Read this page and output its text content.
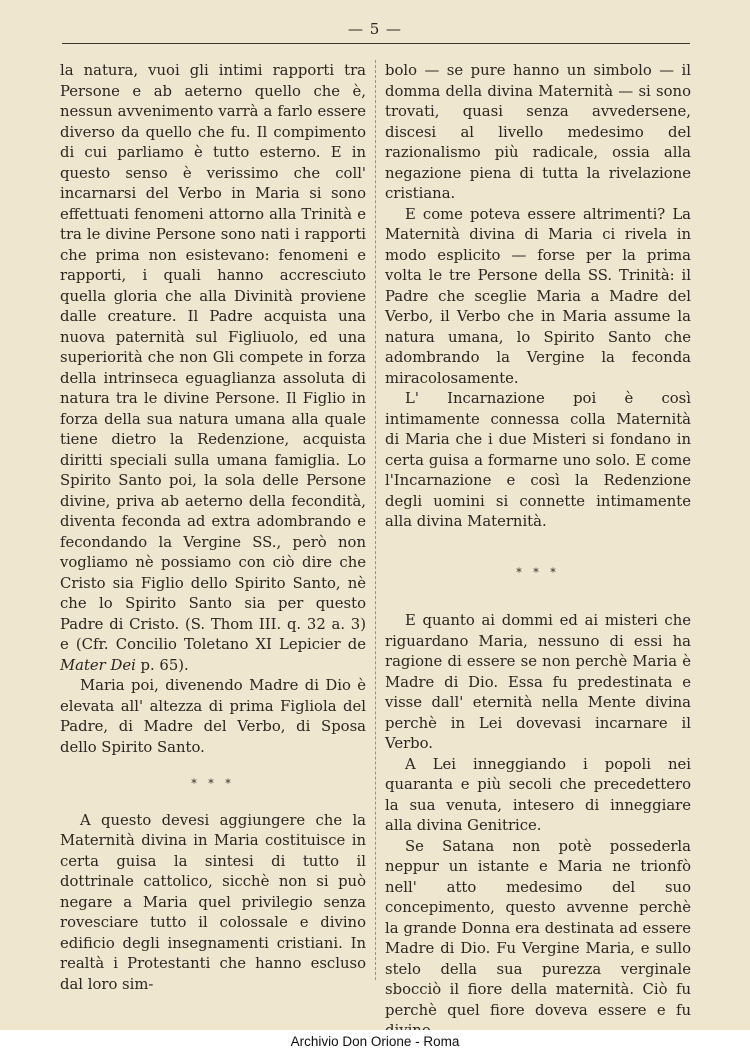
— 5 —

la natura, vuoi gli intimi rapporti tra Persone e ab aeterno quello che è, nessun avvenimento varrà a farlo essere diverso da quello che fu. Il compimento di cui parliamo è tutto esterno. E in questo senso è verissimo che coll' incarnarsi del Verbo in Maria si sono effettuati fenomeni attorno alla Trinità e tra le divine Persone sono nati i rapporti che prima non esistevano: fenomeni e rapporti, i quali hanno accresciuto quella gloria che alla Divinità proviene dalle creature. Il Padre acquista una nuova paternità sul Figliuolo, ed una superiorità che non Gli compete in forza della intrinseca eguaglianza assoluta di natura tra le divine Persone. Il Figlio in forza della sua natura umana alla quale tiene dietro la Redenzione, acquista diritti speciali sulla umana famiglia. Lo Spirito Santo poi, la sola delle Persone divine, priva ab aeterno della fecondità, diventa feconda ad extra adombrando e fecondando la Vergine SS., però non vogliamo nè possiamo con ciò dire che Cristo sia Figlio dello Spirito Santo, nè che lo Spirito Santo sia per questo Padre di Cristo. (S. Thom III. q. 32 a. 3) e (Cfr. Concilio Toletano XI Lepicier de Mater Dei p. 65).

Maria poi, divenendo Madre di Dio è elevata all' altezza di prima Figliola del Padre, di Madre del Verbo, di Sposa dello Spirito Santo.

* * *

A questo devesi aggiungere che la Maternità divina in Maria costituisce in certa guisa la sintesi di tutto il dottrinale cattolico, sicchè non si può negare a Maria quel privilegio senza rovesciare tutto il colossale e divino edificio degli insegnamenti cristiani. In realtà i Protestanti che hanno escluso dal loro sim-

bolo — se pure hanno un simbolo — il domma della divina Maternità — si sono trovati, quasi senza avvedersene, discesi al livello medesimo del razionalismo più radicale, ossia alla negazione piena di tutta la rivelazione cristiana.

E come poteva essere altrimenti? La Maternità divina di Maria ci rivela in modo esplicito — forse per la prima volta le tre Persone della SS. Trinità: il Padre che sceglie Maria a Madre del Verbo, il Verbo che in Maria assume la natura umana, lo Spirito Santo che adombrando la Vergine la feconda miracolosamente.

L' Incarnazione poi è così intimamente connessa colla Maternità di Maria che i due Misteri si fondano in certa guisa a formarne uno solo. E come l'Incarnazione e così la Redenzione degli uomini si connette intimamente alla divina Maternità.

* * *

E quanto ai dommi ed ai misteri che riguardano Maria, nessuno di essi ha ragione di essere se non perchè Maria è Madre di Dio. Essa fu predestinata e visse dall' eternità nella Mente divina perchè in Lei dovevasi incarnare il Verbo.

A Lei inneggiando i popoli nei quaranta e più secoli che precedettero la sua venuta, intesero di inneggiare alla divina Genitrice.

Se Satana non potè possederla neppur un istante e Maria ne trionfò nell' atto medesimo del suo concepimento, questo avvenne perchè la grande Donna era destinata ad essere Madre di Dio. Fu Vergine Maria, e sullo stelo della sua purezza verginale sbocciò il fiore della maternità. Ciò fu perchè quel fiore doveva essere e fu

Archivio Don Orione - Roma
